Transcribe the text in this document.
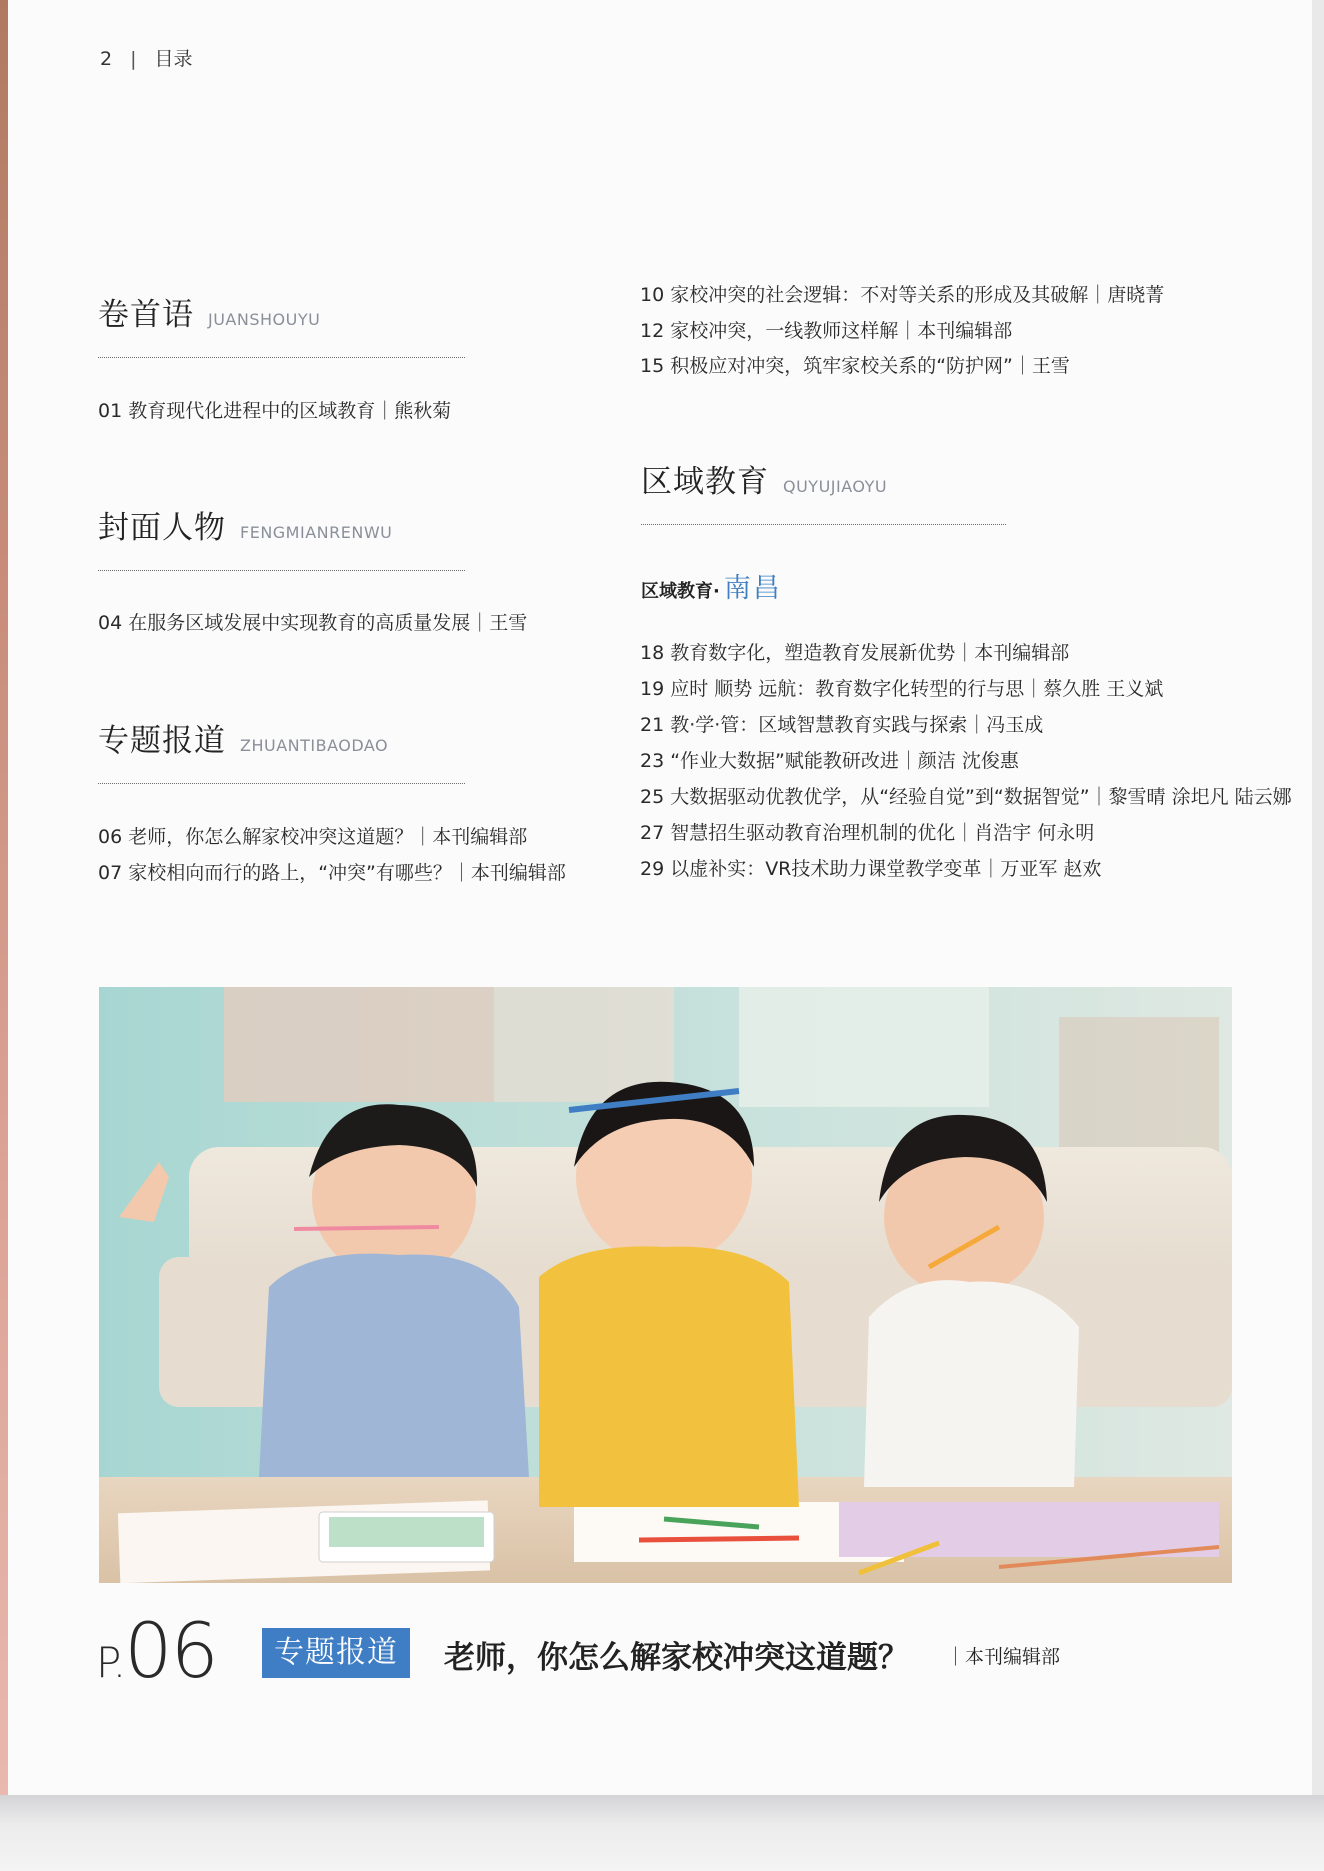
2 | 目录
卷首语 JUANSHOUYU
01 教育现代化进程中的区域教育｜熊秋菊
封面人物 FENGMIANRENWU
04 在服务区域发展中实现教育的高质量发展｜王雪
专题报道 ZHUANTIBAODAO
06 老师，你怎么解家校冲突这道题？｜本刊编辑部
07 家校相向而行的路上，“冲突”有哪些？｜本刊编辑部
10 家校冲突的社会逻辑：不对等关系的形成及其破解｜唐晓菁
12 家校冲突，一线教师这样解｜本刊编辑部
15 积极应对冲突，筑牢家校关系的“防护网”｜王雪
区域教育 QUYUJIAOYU
区域教育· 南昌
18 教育数字化，塑造教育发展新优势｜本刊编辑部
19 应时 顺势 远航：教育数字化转型的行与思｜蔡久胜 王义斌
21 教·学·管：区域智慧教育实践与探索｜冯玉成
23 “作业大数据”赋能教研改进｜颜洁 沈俊惠
25 大数据驱动优教优学，从“经验自觉”到“数据智觉”｜黎雪晴 涂圯凡 陆云娜
27 智慧招生驱动教育治理机制的优化｜肖浩宇 何永明
29 以虚补实：VR技术助力课堂教学变革｜万亚军 赵欢
P.06	专题报道	老师，你怎么解家校冲突这道题？ ｜本刊编辑部
